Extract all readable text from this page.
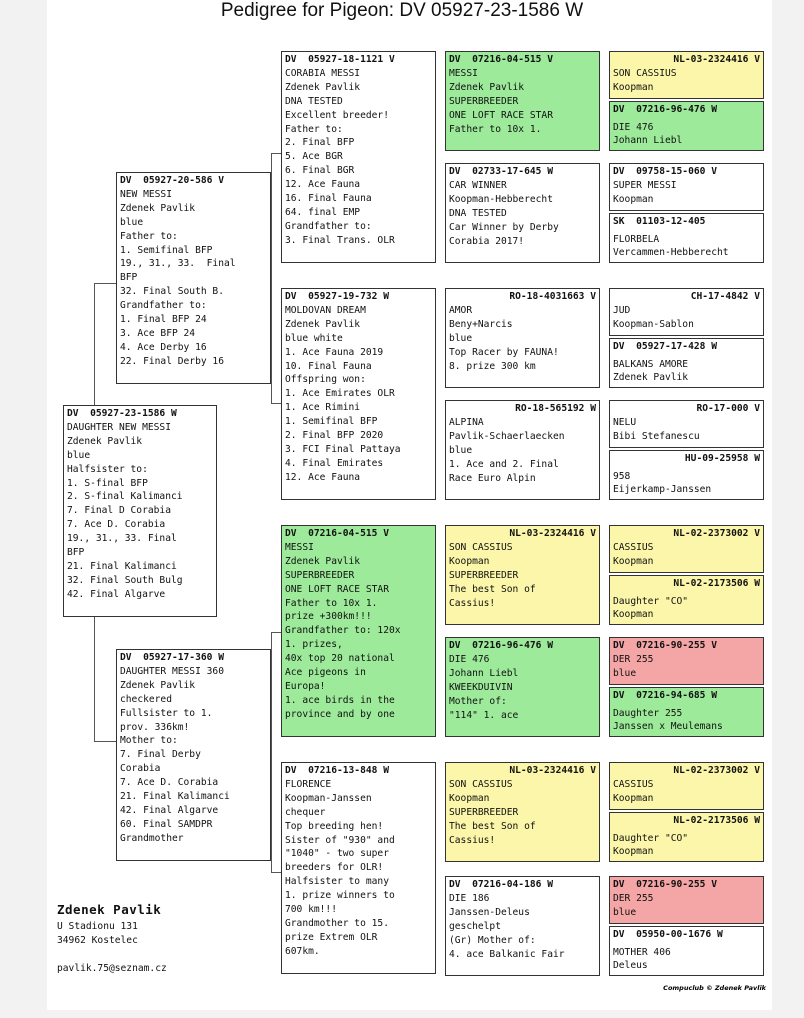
Pedigree for Pigeon: DV 05927-23-1586 W
DV  05927-23-1586 W
DAUGHTER NEW MESSI
Zdenek Pavlik
blue
Halfsister to:
1. S-final BFP
2. S-final Kalimanci
7. Final D Corabia
7. Ace D. Corabia
19., 31., 33. Final
BFP
21. Final Kalimanci
32. Final South Bulg
42. Final Algarve
DV  05927-20-586 V
NEW MESSI
Zdenek Pavlik
blue
Father to:
1. Semifinal BFP
19., 31., 33.  Final
BFP
32. Final South B.
Grandfather to:
1. Final BFP 24
3. Ace BFP 24
4. Ace Derby 16
22. Final Derby 16
DV  05927-17-360 W
DAUGHTER MESSI 360
Zdenek Pavlik
checkered
Fullsister to 1.
prov. 336km!
Mother to:
7. Final Derby
Corabia
7. Ace D. Corabia
21. Final Kalimanci
42. Final Algarve
60. Final SAMDPR
Grandmother
DV  05927-18-1121 V
CORABIA MESSI
Zdenek Pavlik
DNA TESTED
Excellent breeder!
Father to:
2. Final BFP
5. Ace BGR
6. Final BGR
12. Ace Fauna
16. Final Fauna
64. final EMP
Grandfather to:
3. Final Trans. OLR
DV  05927-19-732 W
MOLDOVAN DREAM
Zdenek Pavlik
blue white
1. Ace Fauna 2019
10. Final Fauna
Offspring won:
1. Ace Emirates OLR
1. Ace Rimini
1. Semifinal BFP
2. Final BFP 2020
3. FCI Final Pattaya
4. Final Emirates
12. Ace Fauna
DV  07216-04-515 V
MESSI
Zdenek Pavlik
SUPERBREEDER
ONE LOFT RACE STAR
Father to 10x 1.
prize +300km!!!
Grandfather to: 120x
1. prizes,
40x top 20 national
Ace pigeons in
Europa!
1. ace birds in the
province and by one
DV  07216-13-848 W
FLORENCE
Koopman-Janssen
chequer
Top breeding hen!
Sister of "930" and
"1040" - two super
breeders for OLR!
Halfsister to many
1. prize winners to
700 km!!!
Grandmother to 15.
prize Extrem OLR
607km.
DV  07216-04-515 V
MESSI
Zdenek Pavlik
SUPERBREEDER
ONE LOFT RACE STAR
Father to 10x 1.
DV  02733-17-645 W
CAR WINNER
Koopman-Hebberecht
DNA TESTED
Car Winner by Derby
Corabia 2017!
RO-18-4031663 V
AMOR
Beny+Narcis
blue
Top Racer by FAUNA!
8. prize 300 km
RO-18-565192 W
ALPINA
Pavlik-Schaerlaecken
blue
1. Ace and 2. Final
Race Euro Alpin
NL-03-2324416 V
SON CASSIUS
Koopman
SUPERBREEDER
The best Son of
Cassius!
DV  07216-96-476 W
DIE 476
Johann Liebl
KWEEKDUIVIN
Mother of:
"114" 1. ace
NL-03-2324416 V
SON CASSIUS
Koopman
SUPERBREEDER
The best Son of
Cassius!
DV  07216-04-186 W
DIE 186
Janssen-Deleus
geschelpt
(Gr) Mother of:
4. ace Balkanic Fair
NL-03-2324416 V
SON CASSIUS
Koopman
DV  07216-96-476 W
DIE 476
Johann Liebl
DV  09758-15-060 V
SUPER MESSI
Koopman
SK  01103-12-405
FLORBELA
Vercammen-Hebberecht
CH-17-4842 V
JUD
Koopman-Sablon
DV  05927-17-428 W
BALKANS AMORE
Zdenek Pavlik
RO-17-000 V
NELU
Bibi Stefanescu
HU-09-25958 W
958
Eijerkamp-Janssen
NL-02-2373002 V
CASSIUS
Koopman
NL-02-2173506 W
Daughter "CO"
Koopman
DV  07216-90-255 V
DER 255
blue
DV  07216-94-685 W
Daughter 255
Janssen x Meulemans
NL-02-2373002 V
CASSIUS
Koopman
NL-02-2173506 W
Daughter "CO"
Koopman
DV  07216-90-255 V
DER 255
blue
DV  05950-00-1676 W
MOTHER 406
Deleus
Zdenek Pavlik
U Stadionu 131
34962 Kostelec
pavlik.75@seznam.cz
Compuclub © Zdenek Pavlik
